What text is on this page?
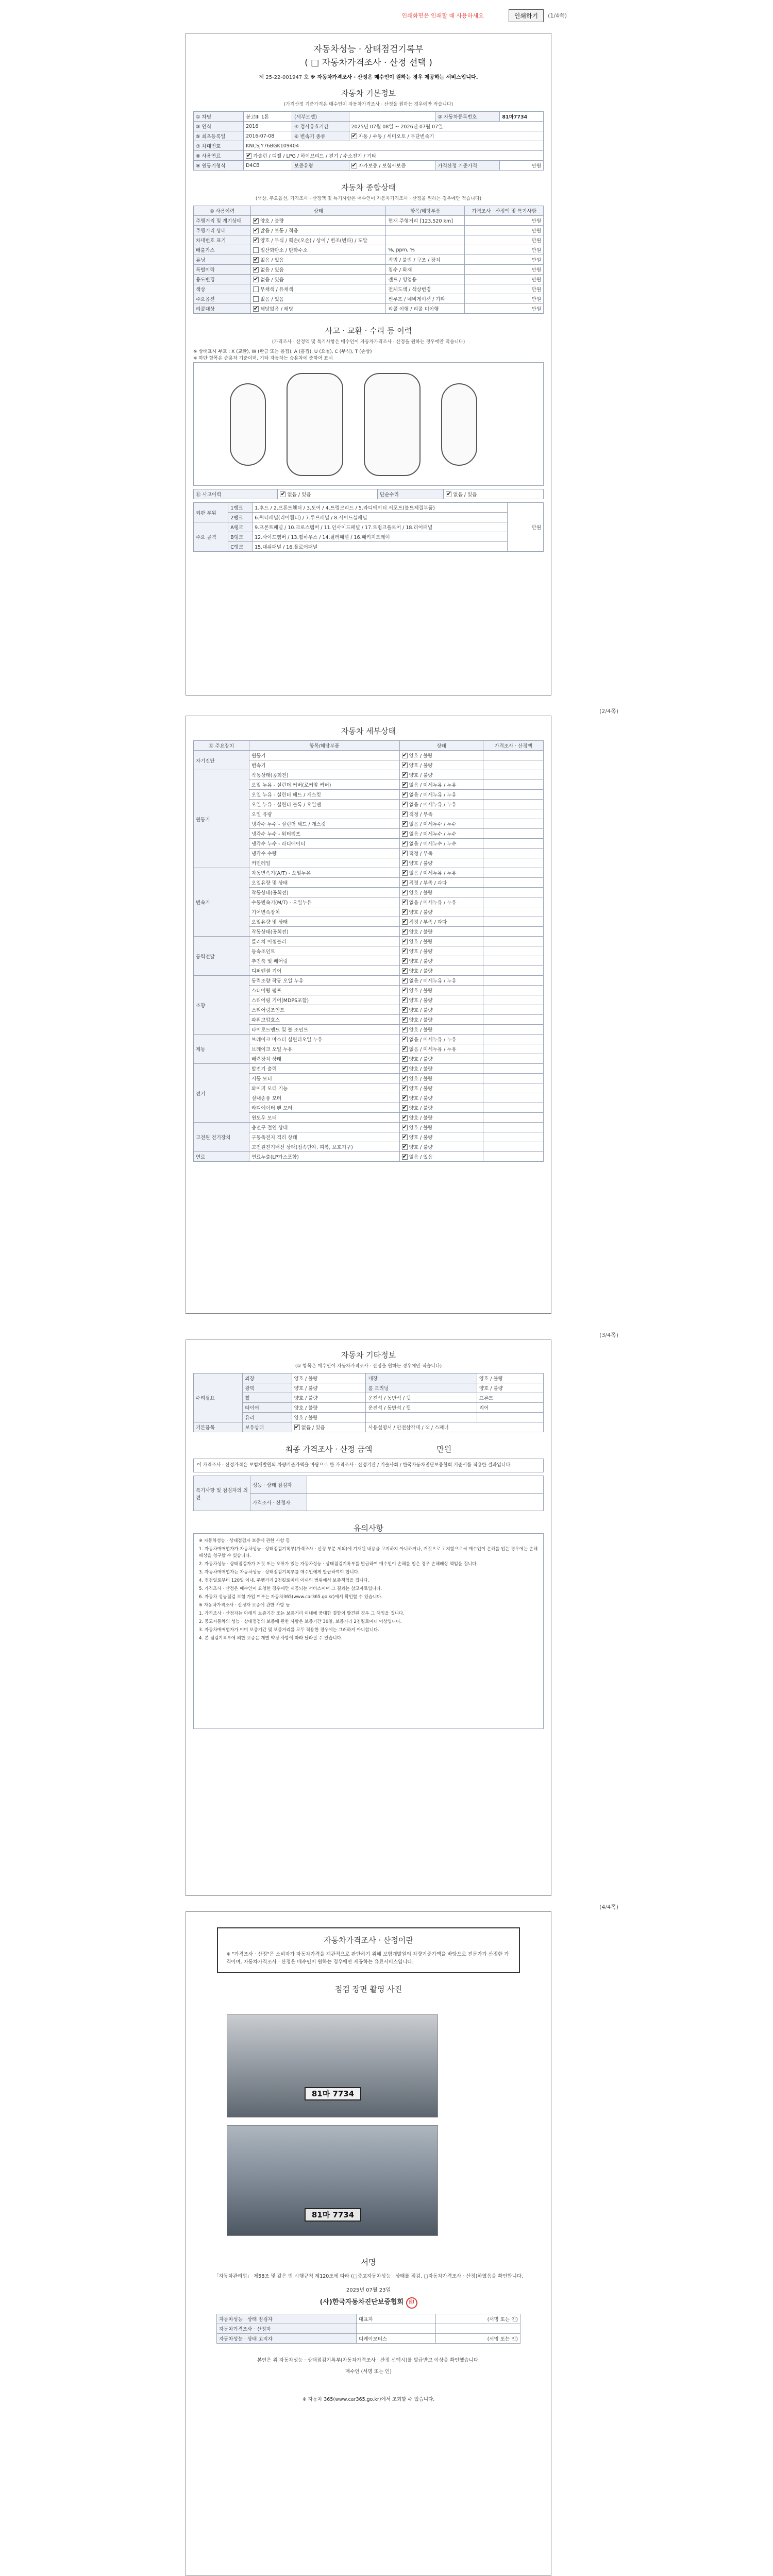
인쇄화면은 인쇄할 때 사용하세요	인쇄하기	(1/4쪽)
자동차성능 · 상태점검기록부
( □ 자동차가격조사 · 산정 선택 )
제 25-22-001947 호 ※ 자동차가격조사 · 산정은 매수인이 원하는 경우 제공하는 서비스입니다.
자동차 기본정보
(가격산정 기준가격은 매수인이 자동차가격조사 · 산정을 원하는 경우에만 적습니다)
① 차명	봉고III 1톤	(세부모델)		② 자동차등록번호	81마7734
③ 연식	2016	④ 검사유효기간	2025년 07월 08일 ~ 2026년 07월 07일		
⑤ 최초등록일	2016-07-08	⑥ 변속기 종류	✔자동 / 수동 / 세미오토 / 무단변속기
⑦ 차대번호	KNCSJY76BGK109404				
⑧ 사용연료	✔가솔린 / 디젤 / LPG / 하이브리드 / 전기 / 수소전기 / 기타
⑨ 원동기형식	D4CB	보증유형	✔자가보증 / 보험사보증	가격산정 기준가격	만원
자동차 종합상태
(색상, 주요옵션, 가격조사 · 산정액 및 특기사항은 매수인이 자동차가격조사 · 산정을 원하는 경우에만 적습니다)
⑩ 사용이력	상태	항목/해당부품	가격조사 · 산정액 및 특기사항
주행거리 및 계기상태	✔양호 / 불량	현재 주행거리 [123,520 km]	만원
주행거리 상태	✔많음 / 보통 / 적음		만원
차대번호 표기	✔양호 / 부식 / 훼손(오손) / 상이 / 변조(변타) / 도말		만원
배출가스	일산화탄소 / 탄화수소	%, ppm, %	만원
튜닝	✔없음 / 있음	적법 / 불법 / 구조 / 장치	만원
특별이력	✔없음 / 있음	침수 / 화재	만원
용도변경	✔없음 / 있음	렌트 / 영업용	만원
색상	무채색 / 유채색	전체도색 / 색상변경	만원
주요옵션	없음 / 있음	썬루프 / 네비게이션 / 기타	만원
리콜대상	✔해당없음 / 해당	리콜 이행 / 리콜 미이행	만원
사고 · 교환 · 수리 등 이력
(가격조사 · 산정액 및 특기사항은 매수인이 자동차가격조사 · 산정을 원하는 경우에만 적습니다)
※ 상태표시 부호 : X (교환), W (판금 또는 용접), A (흠집), U (요철), C (부식), T (손상)
※ 하단 항목은 승용차 기준이며, 기타 자동차는 승용차에 준하여 표시
⑪ 사고이력	✔없음 / 있음	단순수리	✔없음 / 있음
외판 부위	1랭크	1.후드 / 2.프론트휀더 / 3.도어 / 4.트렁크리드 / 5.라디에이터 서포트(볼트체결부품)	만원
	2랭크	6.쿼터패널(리어휀더) / 7.루프패널 / 8.사이드실패널	
주요 골격	A랭크	9.프론트패널 / 10.크로스멤버 / 11.인사이드패널 / 17.트렁크플로어 / 18.리어패널	
	B랭크	12.사이드멤버 / 13.휠하우스 / 14.필러패널 / 16.패키지트레이	
	C랭크	15.대쉬패널 / 16.플로어패널	
(2/4쪽)
자동차 세부상태
⑫ 주요장치	항목/해당부품	상태	가격조사 · 산정액
자기진단	원동기	✔양호 / 불량	
	변속기	✔양호 / 불량	
원동기	작동상태(공회전)	✔양호 / 불량	
	오일 누유 - 실린더 커버(로커암 커버)	✔없음 / 미세누유 / 누유	
	오일 누유 - 실린더 헤드 / 개스킷	✔없음 / 미세누유 / 누유	
	오일 누유 - 실린더 블록 / 오일팬	✔없음 / 미세누유 / 누유	
	오일 유량	✔적정 / 부족	
	냉각수 누수 - 실린더 헤드 / 개스킷	✔없음 / 미세누수 / 누수	
	냉각수 누수 - 워터펌프	✔없음 / 미세누수 / 누수	
	냉각수 누수 - 라디에이터	✔없음 / 미세누수 / 누수	
	냉각수 수량	✔적정 / 부족	
	커먼레일	✔양호 / 불량	
변속기	자동변속기(A/T) - 오일누유	✔없음 / 미세누유 / 누유	
	오일유량 및 상태	✔적정 / 부족 / 과다	
	작동상태(공회전)	✔양호 / 불량	
	수동변속기(M/T) - 오일누유	✔없음 / 미세누유 / 누유	
	기어변속장치	✔양호 / 불량	
	오일유량 및 상태	✔적정 / 부족 / 과다	
	작동상태(공회전)	✔양호 / 불량	
동력전달	클러치 어셈블리	✔양호 / 불량	
	등속조인트	✔양호 / 불량	
	추진축 및 베어링	✔양호 / 불량	
	디퍼렌셜 기어	✔양호 / 불량	
조향	동력조향 작동 오일 누유	✔없음 / 미세누유 / 누유	
	스티어링 펌프	✔양호 / 불량	
	스티어링 기어(MDPS포함)	✔양호 / 불량	
	스티어링조인트	✔양호 / 불량	
	파워고압호스	✔양호 / 불량	
	타이로드엔드 및 볼 조인트	✔양호 / 불량	
제동	브레이크 마스터 실린더오일 누유	✔없음 / 미세누유 / 누유	
	브레이크 오일 누유	✔없음 / 미세누유 / 누유	
	배력장치 상태	✔양호 / 불량	
전기	발전기 출력	✔양호 / 불량	
	시동 모터	✔양호 / 불량	
	와이퍼 모터 기능	✔양호 / 불량	
	실내송풍 모터	✔양호 / 불량	
	라디에이터 팬 모터	✔양호 / 불량	
	윈도우 모터	✔양호 / 불량	
고전원 전기장치	충전구 절연 상태	✔양호 / 불량	
	구동축전지 격리 상태	✔양호 / 불량	
	고전원전기배선 상태(접속단자, 피복, 보호기구)	✔양호 / 불량	
연료	연료누출(LP가스포함)	✔없음 / 있음	
(3/4쪽)
자동차 기타정보
(① 항목은 매수인이 자동차가격조사 · 산정을 원하는 경우에만 적습니다)
수리필요	외장	양호 / 불량	내장	양호 / 불량
	광택	양호 / 불량	룸 크리닝	양호 / 불량
	휠	양호 / 불량	운전석 / 동반석 / 뒷	프론트
	타이어	양호 / 불량	운전석 / 동반석 / 뒷	리어
	유리	양호 / 불량		
기본품목	보유상태	✔없음 / 있음	사용설명서 / 안전삼각대 / 잭 / 스패너	
최종 가격조사 · 산정 금액	만원
이 가격조사 · 산정가격은 보험개발원의 차량기준가액을 바탕으로 한 가격조사 · 산정기관 / 기술사회 / 한국자동차진단보증협회 기준서를 적용한 결과입니다.
특기사항 및 점검자의 의견	성능 · 상태 점검자	
	가격조사 · 산정자	
유의사항

※ 자동차성능 · 상태점검자 보증에 관한 사항 등

1. 자동차매매업자가 자동차성능 · 상태점검기록부(가격조사 · 산정 부분 제외)에 기재된 내용을 고지하지 아니하거나, 거짓으로 고지함으로써 매수인이 손해를 입은 경우에는 손해배상을 청구할 수 있습니다.

2. 자동차성능 · 상태점검자가 거짓 또는 오류가 있는 자동차성능 · 상태점검기록부를 발급하여 매수인이 손해를 입은 경우 손해배상 책임을 집니다.

3. 자동차매매업자는 자동차성능 · 상태점검기록부를 매수인에게 발급하여야 합니다.

4. 점검일로부터 120일 이내, 주행거리 2천킬로미터 이내의 범위에서 보증책임을 집니다.

5. 가격조사 · 산정은 매수인이 요청한 경우에만 제공되는 서비스이며 그 결과는 참고자료입니다.

6. 자동차 성능점검 보험 가입 여부는 자동차365(www.car365.go.kr)에서 확인할 수 있습니다.

※ 자동차가격조사 · 산정자 보증에 관한 사항 등

1. 가격조사 · 산정자는 아래의 보증기간 또는 보증거리 이내에 중대한 결함이 발견된 경우 그 책임을 집니다.

2. 중고자동차의 성능 · 상태점검의 보증에 관한 사항은 보증기간 30일, 보증거리 2천킬로미터 이상입니다.

3. 자동차매매업자가 이미 보증기간 및 보증거리를 모두 적용한 경우에는 그러하지 아니합니다.

4. 본 점검기록부에 의한 보증은 개별 약정 사항에 따라 달라질 수 있습니다.

(4/4쪽)
자동차가격조사 · 산정이란
※ "가격조사 · 산정"은 소비자가 자동차가격을 객관적으로 판단하기 위해 보험개발원의 차량기준가액을 바탕으로 전문가가 산정한 가격이며, 자동차가격조사 · 산정은 매수인이 원하는 경우에만 제공하는 유료서비스입니다.
점검 장면 촬영 사진
81마 7734
81마 7734
서명
「자동차관리법」 제58조 및 같은 법 시행규칙 제120조에 따라 (□중고자동차성능 · 상태를 점검, □자동차가격조사 · 산정)하였음을 확인합니다.
2025년 07월 23일
(사)한국자동차진단보증협회 印
자동차성능 · 상태 점검자	대표자	(서명 또는 인)
자동차가격조사 · 산정자		
자동차성능 · 상태 고지자	디케이모터스	(서명 또는 인)
본인은 위 자동차성능 · 상태점검기록부(자동차가격조사 · 산정 선택시)를 발급받고 이상을 확인했습니다.
매수인 (서명 또는 인)
※ 자동차 365(www.car365.go.kr)에서 조회할 수 있습니다.
